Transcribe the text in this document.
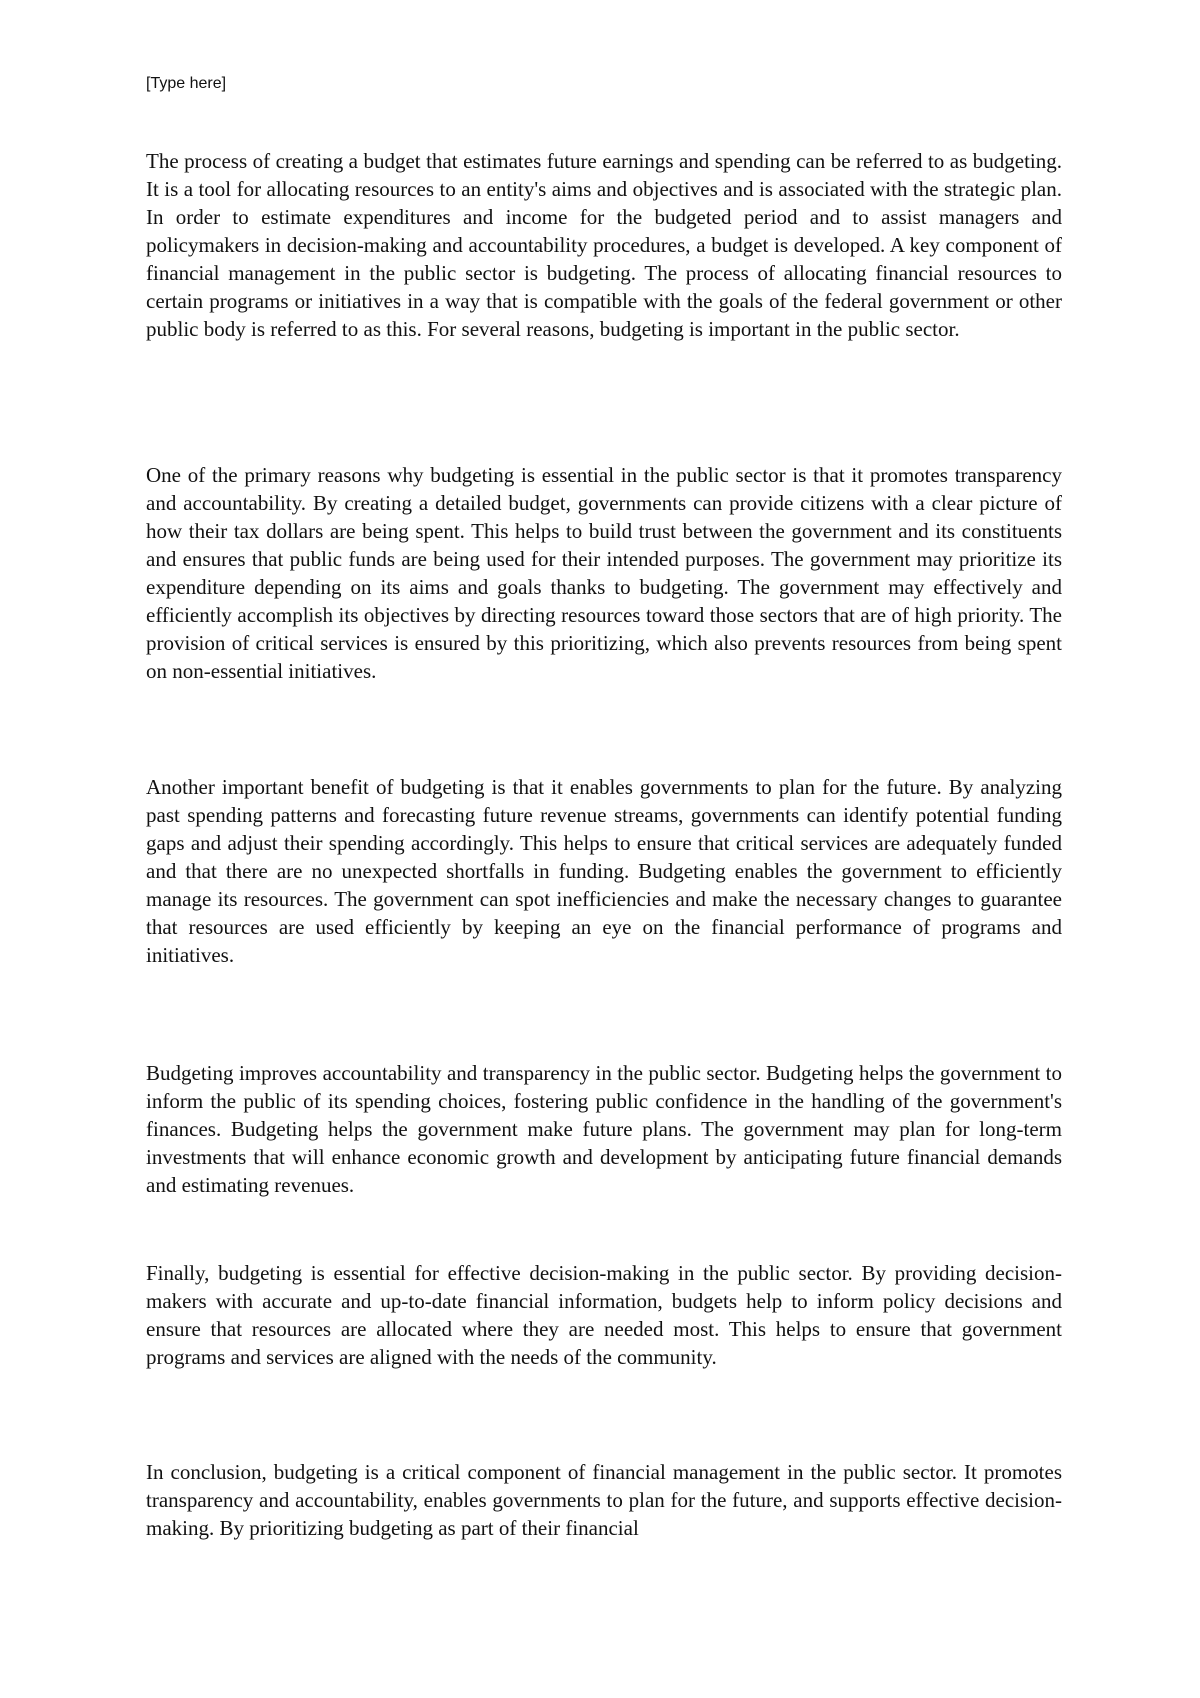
[Type here]

The process of creating a budget that estimates future earnings and spending can be referred to as budgeting. It is a tool for allocating resources to an entity's aims and objectives and is associated with the strategic plan. In order to estimate expenditures and income for the budgeted period and to assist managers and policymakers in decision-making and accountability procedures, a budget is developed. A key component of financial management in the public sector is budgeting. The process of allocating financial resources to certain programs or initiatives in a way that is compatible with the goals of the federal government or other public body is referred to as this. For several reasons, budgeting is important in the public sector.

One of the primary reasons why budgeting is essential in the public sector is that it promotes transparency and accountability. By creating a detailed budget, governments can provide citizens with a clear picture of how their tax dollars are being spent. This helps to build trust between the government and its constituents and ensures that public funds are being used for their intended purposes. The government may prioritize its expenditure depending on its aims and goals thanks to budgeting. The government may effectively and efficiently accomplish its objectives by directing resources toward those sectors that are of high priority. The provision of critical services is ensured by this prioritizing, which also prevents resources from being spent on non-essential initiatives.

Another important benefit of budgeting is that it enables governments to plan for the future. By analyzing past spending patterns and forecasting future revenue streams, governments can identify potential funding gaps and adjust their spending accordingly. This helps to ensure that critical services are adequately funded and that there are no unexpected shortfalls in funding. Budgeting enables the government to efficiently manage its resources. The government can spot inefficiencies and make the necessary changes to guarantee that resources are used efficiently by keeping an eye on the financial performance of programs and initiatives.

Budgeting improves accountability and transparency in the public sector. Budgeting helps the government to inform the public of its spending choices, fostering public confidence in the handling of the government's finances. Budgeting helps the government make future plans. The government may plan for long-term investments that will enhance economic growth and development by anticipating future financial demands and estimating revenues.

Finally, budgeting is essential for effective decision-making in the public sector. By providing decision-makers with accurate and up-to-date financial information, budgets help to inform policy decisions and ensure that resources are allocated where they are needed most. This helps to ensure that government programs and services are aligned with the needs of the community.

In conclusion, budgeting is a critical component of financial management in the public sector. It promotes transparency and accountability, enables governments to plan for the future, and supports effective decision-making. By prioritizing budgeting as part of their financial
